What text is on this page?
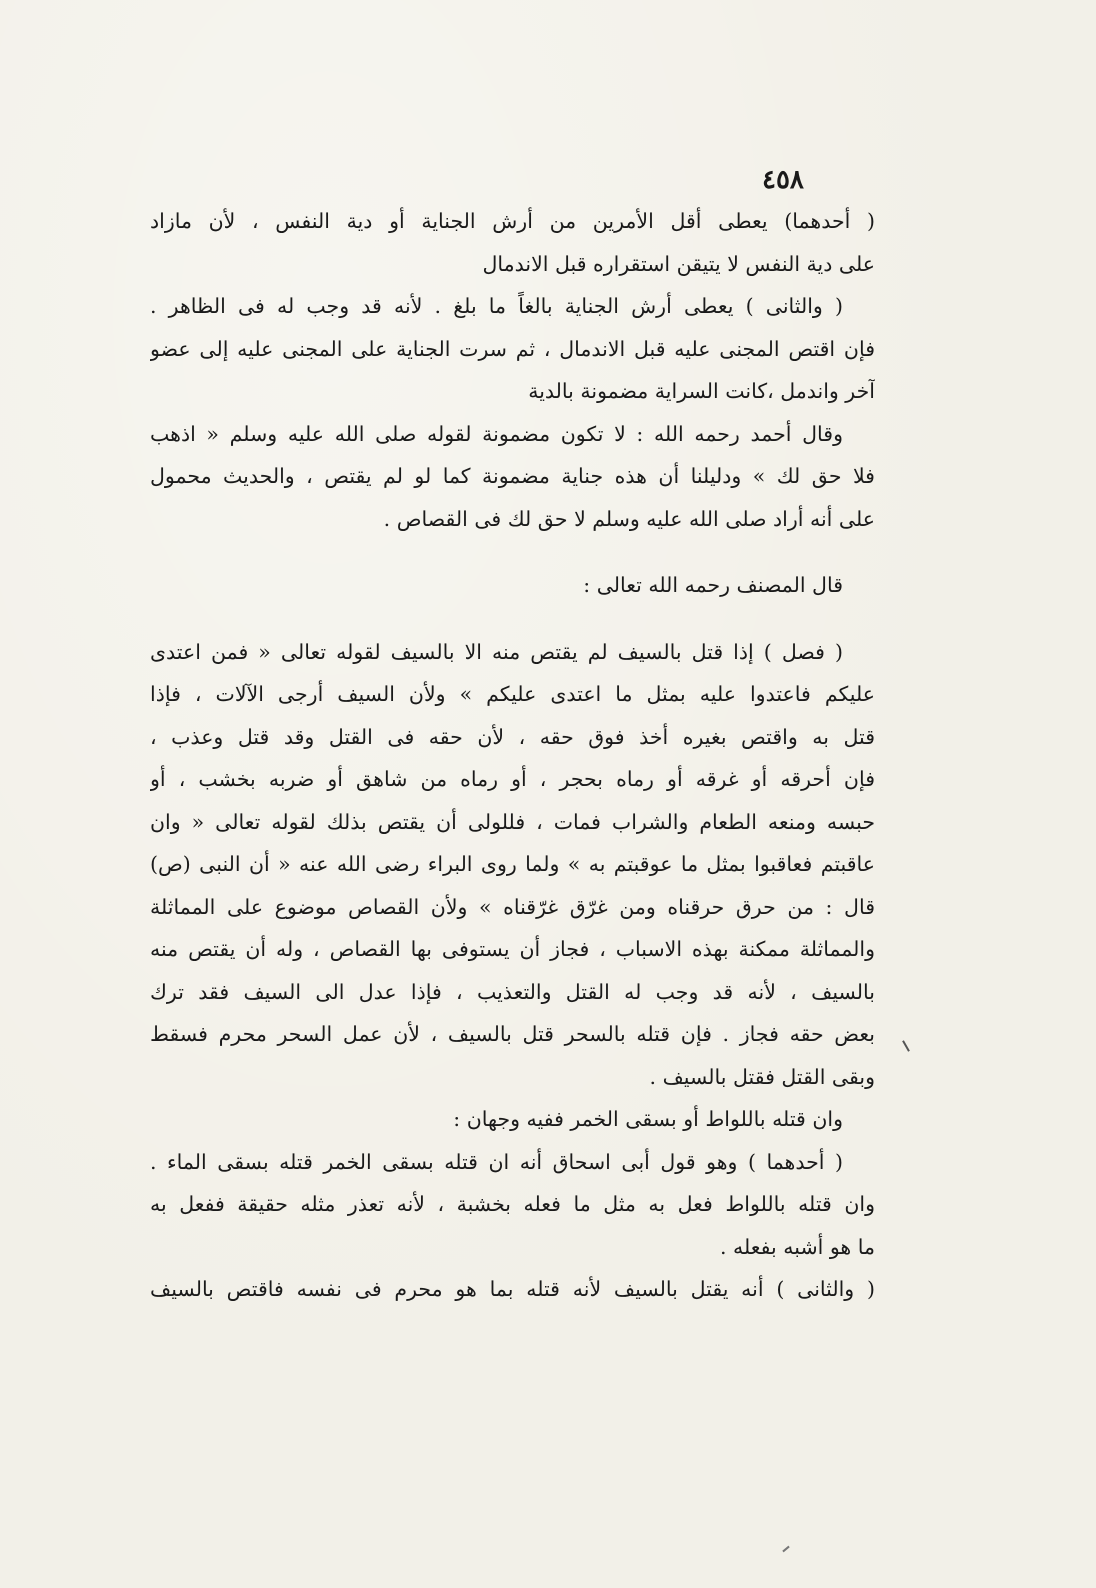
٤٥٨
( أحدهما) يعطى أقل الأمرين من أرش الجناية أو دية النفس ، لأن مازاد
على دية النفس لا يتيقن استقراره قبل الاندمال
( والثانى ) يعطى أرش الجناية بالغاً ما بلغ . لأنه قد وجب له فى الظاهر .
فإن اقتص المجنى عليه قبل الاندمال ، ثم سرت الجناية على المجنى عليه إلى عضو
آخر واندمل ،كانت السراية مضمونة بالدية
وقال أحمد رحمه الله : لا تكون مضمونة لقوله صلى الله عليه وسلم « اذهب
فلا حق لك » ودليلنا أن هذه جناية مضمونة كما لو لم يقتص ، والحديث محمول
على أنه أراد صلى الله عليه وسلم لا حق لك فى القصاص .
قال المصنف رحمه الله تعالى :
( فصل ) إذا قتل بالسيف لم يقتص منه الا بالسيف لقوله تعالى « فمن اعتدى
عليكم فاعتدوا عليه بمثل ما اعتدى عليكم » ولأن السيف أرجى الآلات ، فإذا
قتل به واقتص بغيره أخذ فوق حقه ، لأن حقه فى القتل وقد قتل وعذب ،
فإن أحرقه أو غرقه أو رماه بحجر ، أو رماه من شاهق أو ضربه بخشب ، أو
حبسه ومنعه الطعام والشراب فمات ، فللولى أن يقتص بذلك لقوله تعالى « وان
عاقبتم فعاقبوا بمثل ما عوقبتم به » ولما روى البراء رضى الله عنه « أن النبى (ص)
قال : من حرق حرقناه ومن غرّق غرّقناه » ولأن القصاص موضوع على المماثلة
والمماثلة ممكنة بهذه الاسباب ، فجاز أن يستوفى بها القصاص ، وله أن يقتص منه
بالسيف ، لأنه قد وجب له القتل والتعذيب ، فإذا عدل الى السيف فقد ترك
بعض حقه فجاز . فإن قتله بالسحر قتل بالسيف ، لأن عمل السحر محرم فسقط
وبقى القتل فقتل بالسيف .
وان قتله باللواط أو بسقى الخمر ففيه وجهان :
( أحدهما ) وهو قول أبى اسحاق أنه ان قتله بسقى الخمر قتله بسقى الماء .
وان قتله باللواط فعل به مثل ما فعله بخشبة ، لأنه تعذر مثله حقيقة ففعل به
ما هو أشبه بفعله .
( والثانى ) أنه يقتل بالسيف لأنه قتله بما هو محرم فى نفسه فاقتص بالسيف
